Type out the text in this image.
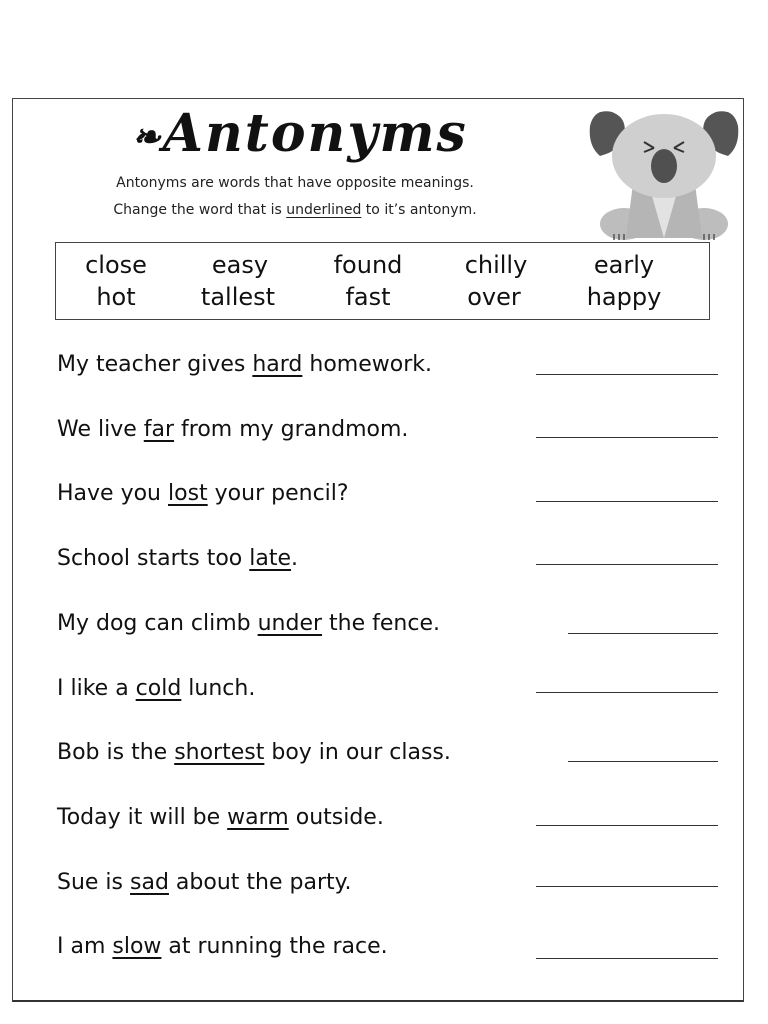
❧Antonyms
Antonyms are words that have opposite meanings.
Change the word that is underlined to it’s antonym.
close	easy	found	chilly	early
hot	tallest	fast	over	happy
My teacher gives hard homework.
We live far from my grandmom.
Have you lost your pencil?
School starts too late.
My dog can climb under the fence.
I like a cold lunch.
Bob is the shortest boy in our class.
Today it will be warm outside.
Sue is sad about the party.
I am slow at running the race.
